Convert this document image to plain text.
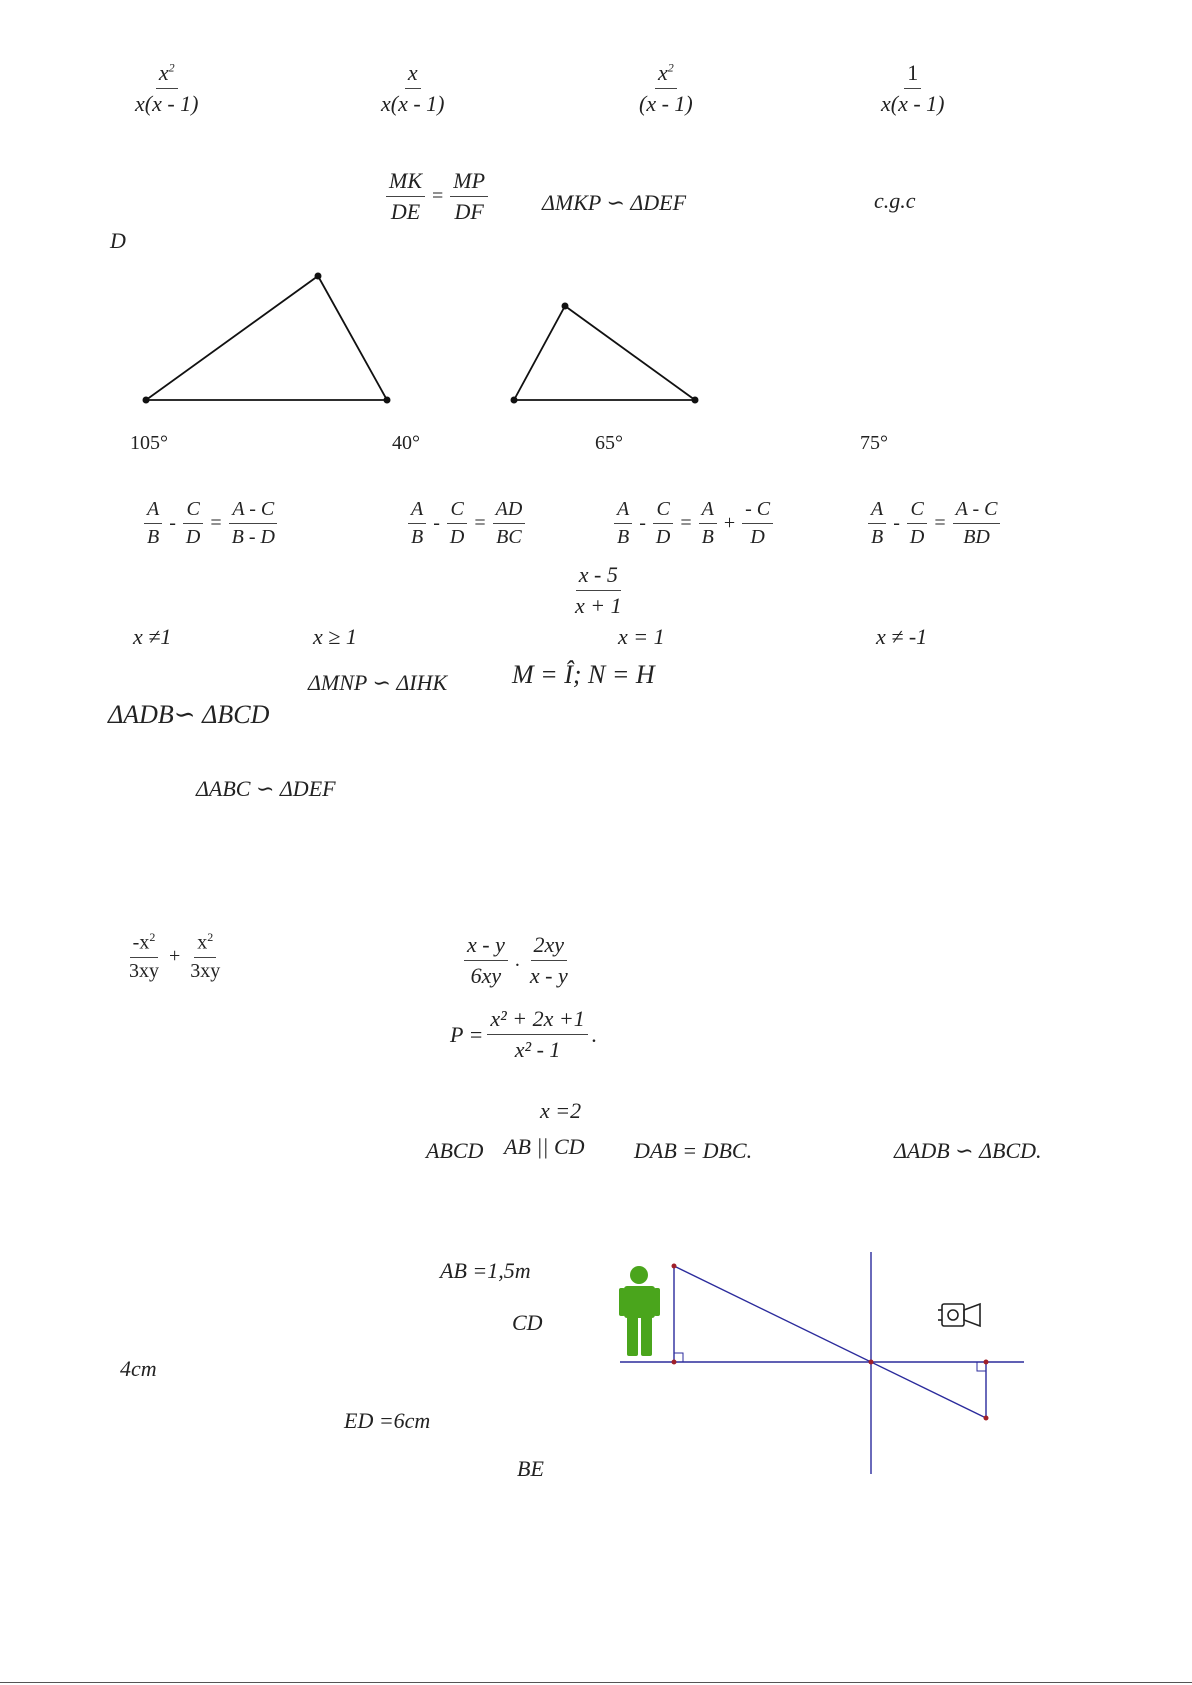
$\frac{x^2}{x(x - 1)}$	$\frac{x}{x(x - 1)}$	$\frac{x^2}{(x - 1)}$	$\frac{1}{x(x - 1)}$
$\frac{MK}{DE} = \frac{MP}{DF}$ ΔMKP ∽ ΔDEF	c.g.c
D
105°	40°	65°	75°
$\frac{A}{B} - \frac{C}{D} = \frac{A - C}{B - D}$	$\frac{A}{B} - \frac{C}{D} = \frac{AD}{BC}$	$\frac{A}{B} - \frac{C}{D} = \frac{A}{B} + \frac{- C}{D}$	$\frac{A}{B} - \frac{C}{D} = \frac{A - C}{BD}$
$\frac{x - 5}{x + 1}$
x ≠1	x ≥ 1	x = 1	x ≠ -1
ΔMNP ∽ ΔIHK M = Î; N = H
ΔADB∽ ΔBCD
ΔABC ∽ ΔDEF
$\frac{-x^2}{3xy} + \frac{x^2}{3xy}$	$\frac{x - y}{6xy}$ . $\frac{2xy}{x - y}$
$P = \frac{\text{x² + 2x +1}}{\text{x² - 1}}$ .
x =2
ABCD AB || CD DAB = DBC.	ΔADB ∽ ΔBCD.
AB =1,5m
CD
4cm
ED =6cm
BE
